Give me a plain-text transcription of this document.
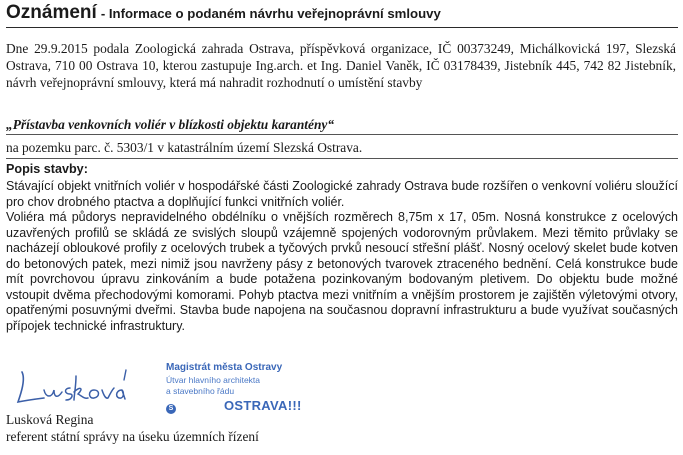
Oznámení - Informace o podaném návrhu veřejnoprávní smlouvy

Dne 29.9.2015 podala Zoologická zahrada Ostrava, příspěvková organizace, IČ 00373249, Michálkovická 197, Slezská Ostrava, 710 00 Ostrava 10, kterou zastupuje Ing.arch. et Ing. Daniel Vaněk, IČ 03178439, Jistebník 445, 742 82 Jistebník, návrh veřejnoprávní smlouvy, která má nahradit rozhodnutí o umístění stavby

„Přístavba venkovních voliér v blízkosti objektu karantény“

na pozemku parc. č. 5303/1 v katastrálním území Slezská Ostrava.

Popis stavby:

Stávající objekt vnitřních voliér v hospodářské části Zoologické zahrady Ostrava bude rozšířen o venkovní voliéru sloužící pro chov drobného ptactva a doplňující funkci vnitřních voliér.

Voliéra má půdorys nepravidelného obdélníku o vnějších rozměrech 8,75m x 17, 05m. Nosná konstrukce z ocelových uzavřených profilů se skládá ze svislých sloupů vzájemně spojených vodorovným průvlakem. Mezi těmito průvlaky se nacházejí obloukové profily z ocelových trubek a tyčových prvků nesoucí střešní plášť. Nosný ocelový skelet bude kotven do betonových patek, mezi nimiž jsou navrženy pásy z betonových tvarovek ztraceného bednění. Celá konstrukce bude mít povrchovou úpravu zinkováním a bude potažena pozinkovaným bodovaným pletivem. Do objektu bude možné vstoupit dvěma přechodovými komorami. Pohyb ptactva mezi vnitřním a vnějším prostorem je zajištěn výletovými otvory, opatřenými posuvnými dveřmi. Stavba bude napojena na současnou dopravní infrastrukturu a bude využívat současných přípojek technické infrastruktury.

Magistrát města Ostravy
Útvar hlavního architekta
a stavebního řádu
S	OSTRAVA!!!

Lusková Regina

referent státní správy na úseku územních řízení
